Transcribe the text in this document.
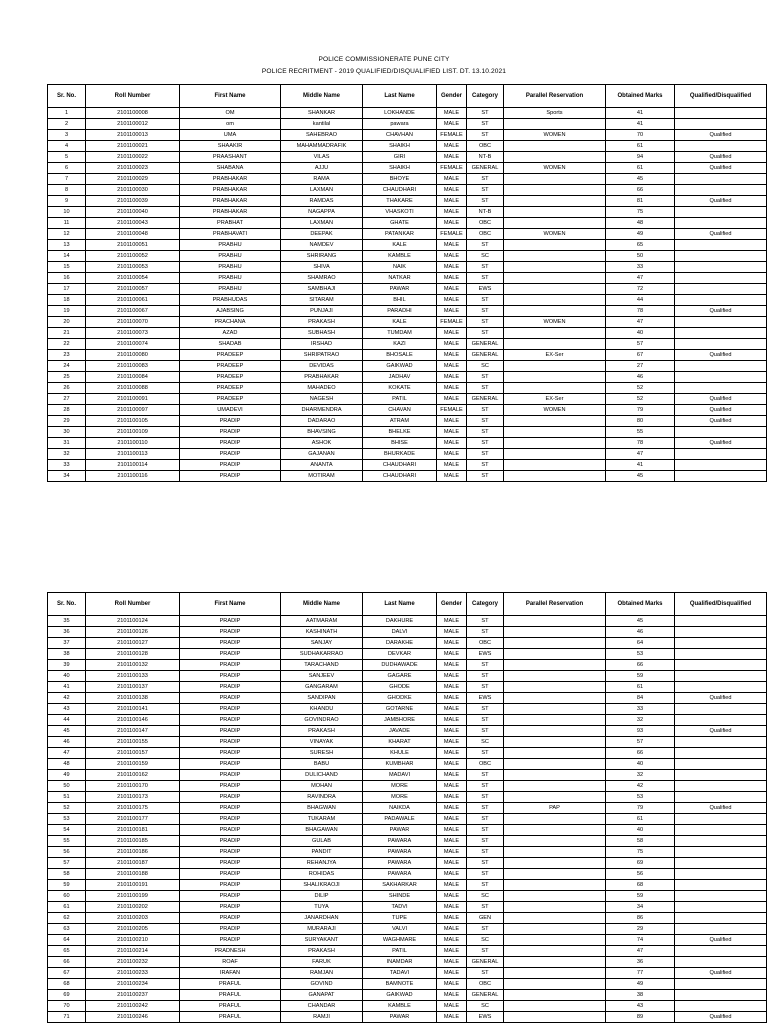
POLICE COMMISSIONERATE PUNE CITY
POLICE RECRITMENT - 2019 QUALIFIED/DISQUALIFIED LIST. DT. 13.10.2021
Sr. No.	Roll Number	First Name	Middle Name	Last Name	Gender	Category	Parallel Reservation	Obtained Marks	Qualified/Disqualified
1	2101100008	OM	SHANKAR	LOKHANDE	MALE	ST	Sports	41	
2	2101100012	om	kantilal	pawara	MALE	ST		41	
3	2101100013	UMA	SAHEBRAO	CHAVHAN	FEMALE	ST	WOMEN	70	Qualified
4	2101100021	SHAAKIR	MAHAMMADRAFIK	SHAIKH	MALE	OBC		61	
5	2101100022	PRAASHANT	VILAS	GIRI	MALE	NT-B		94	Qualified
6	2101100023	SHABANA	AJJU	SHAIKH	FEMALE	GENERAL	WOMEN	61	Qualified
7	2101100029	PRABHAKAR	RAMA	BHOYE	MALE	ST		45	
8	2101100030	PRABHAKAR	LAXMAN	CHAUDHARI	MALE	ST		66	
9	2101100039	PRABHAKAR	RAMDAS	THAKARE	MALE	ST		81	Qualified
10	2101100040	PRABHAKAR	NAGAPPA	VHASKOTI	MALE	NT-B		75	
11	2101100043	PRABHAT	LAXMAN	GHATE	MALE	OBC		48	
12	2101100048	PRABHAVATI	DEEPAK	PATANKAR	FEMALE	OBC	WOMEN	49	Qualified
13	2101100051	PRABHU	NAMDEV	KALE	MALE	ST		65	
14	2101100052	PRABHU	SHRIRANG	KAMBLE	MALE	SC		50	
15	2101100053	PRABHU	SHIVA	NAIK	MALE	ST		33	
16	2101100054	PRABHU	SHAMRAO	NATKAR	MALE	ST		47	
17	2101100057	PRABHU	SAMBHAJI	PAWAR	MALE	EWS		72	
18	2101100061	PRABHUDAS	SITARAM	BHIL	MALE	ST		44	
19	2101100067	AJABSING	PUNJAJI	PARADHI	MALE	ST		78	Qualified
20	2101100070	PRACHANA	PRAKASH	KALE	FEMALE	ST	WOMEN	47	
21	2101100073	AZAD	SUBHASH	TUMDAM	MALE	ST		40	
22	2101100074	SHADAB	IRSHAD	KAZI	MALE	GENERAL		57	
23	2101100080	PRADEEP	SHRIPATRAO	BHOSALE	MALE	GENERAL	EX-Ser	67	Qualified
24	2101100083	PRADEEP	DEVIDAS	GAIKWAD	MALE	SC		27	
25	2101100084	PRADEEP	PRABHAKAR	JADHAV	MALE	ST		46	
26	2101100088	PRADEEP	MAHADEO	KOKATE	MALE	ST		52	
27	2101100091	PRADEEP	NAGESH	PATIL	MALE	GENERAL	EX-Ser	52	Qualified
28	2101100097	UMADEVI	DHARMENDRA	CHAVAN	FEMALE	ST	WOMEN	79	Qualified
29	2101100105	PRADIP	DADARAO	ATRAM	MALE	ST		80	Qualified
30	2101100109	PRADIP	BHAVSING	BHELKE	MALE	ST		55	
31	2101100110	PRADIP	ASHOK	BHISE	MALE	ST		78	Qualified
32	2101100113	PRADIP	GAJANAN	BHURKADE	MALE	ST		47	
33	2101100114	PRADIP	ANANTA	CHAUDHARI	MALE	ST		41	
34	2101100116	PRADIP	MOTIRAM	CHAUDHARI	MALE	ST		45	
Sr. No.	Roll Number	First Name	Middle Name	Last Name	Gender	Category	Parallel Reservation	Obtained Marks	Qualified/Disqualified
35	2101100124	PRADIP	AATMARAM	DAKHURE	MALE	ST		45	
36	2101100126	PRADIP	KASHINATH	DALVI	MALE	ST		46	
37	2101100127	PRADIP	SANJAY	DARAKHE	MALE	OBC		64	
38	2101100128	PRADIP	SUDHAKARRAO	DEVKAR	MALE	EWS		53	
39	2101100132	PRADIP	TARACHAND	DUDHAWADE	MALE	ST		66	
40	2101100133	PRADIP	SANJEEV	GAGARE	MALE	ST		59	
41	2101100137	PRADIP	GANGARAM	GHODE	MALE	ST		61	
42	2101100138	PRADIP	SANDIPAN	GHODKE	MALE	EWS		84	Qualified
43	2101100141	PRADIP	KHANDU	GOTARNE	MALE	ST		33	
44	2101100146	PRADIP	GOVINDRAO	JAMBHORE	MALE	ST		32	
45	2101100147	PRADIP	PRAKASH	JAVADE	MALE	ST		93	Qualified
46	2101100155	PRADIP	VINAYAK	KHARAT	MALE	SC		57	
47	2101100157	PRADIP	SURESH	KHULE	MALE	ST		66	
48	2101100159	PRADIP	BABU	KUMBHAR	MALE	OBC		40	
49	2101100162	PRADIP	DULICHAND	MADAVI	MALE	ST		32	
50	2101100170	PRADIP	MOHAN	MORE	MALE	ST		42	
51	2101100173	PRADIP	RAVINDRA	MORE	MALE	ST		53	
52	2101100175	PRADIP	BHAGWAN	NAIKDA	MALE	ST	PAP	79	Qualified
53	2101100177	PRADIP	TUKARAM	PADAWALE	MALE	ST		61	
54	2101100181	PRADIP	BHAGAWAN	PAWAR	MALE	ST		40	
55	2101100185	PRADIP	GULAB	PAWARA	MALE	ST		58	
56	2101100186	PRADIP	PANDIT	PAWARA	MALE	ST		75	
57	2101100187	PRADIP	REHANJYA	PAWARA	MALE	ST		69	
58	2101100188	PRADIP	ROHIDAS	PAWARA	MALE	ST		56	
59	2101100191	PRADIP	SHALIKRAOJI	SAKHARKAR	MALE	ST		68	
60	2101100199	PRADIP	DILIP	SHINDE	MALE	SC		59	
61	2101100202	PRADIP	TUYA	TADVI	MALE	ST		34	
62	2101100203	PRADIP	JANARDHAN	TUPE	MALE	GEN		86	
63	2101100205	PRADIP	MURARAJI	VALVI	MALE	ST		29	
64	2101100210	PRADIP	SURYAKANT	WAGHMARE	MALE	SC		74	Qualified
65	2101100214	PRADNESH	PRAKASH	PATIL	MALE	ST		47	
66	2101100232	ROAF	FARUK	INAMDAR	MALE	GENERAL		36	
67	2101100233	IRAFAN	RAMJAN	TADAVI	MALE	ST		77	Qualified
68	2101100234	PRAFUL	GOVIND	BAMNOTE	MALE	OBC		49	
69	2101100237	PRAFUL	GANAPAT	GAIKWAD	MALE	GENERAL		38	
70	2101100242	PRAFUL	CHANDAR	KAMBLE	MALE	SC		43	
71	2101100246	PRAFUL	RAMJI	PAWAR	MALE	EWS		89	Qualified
